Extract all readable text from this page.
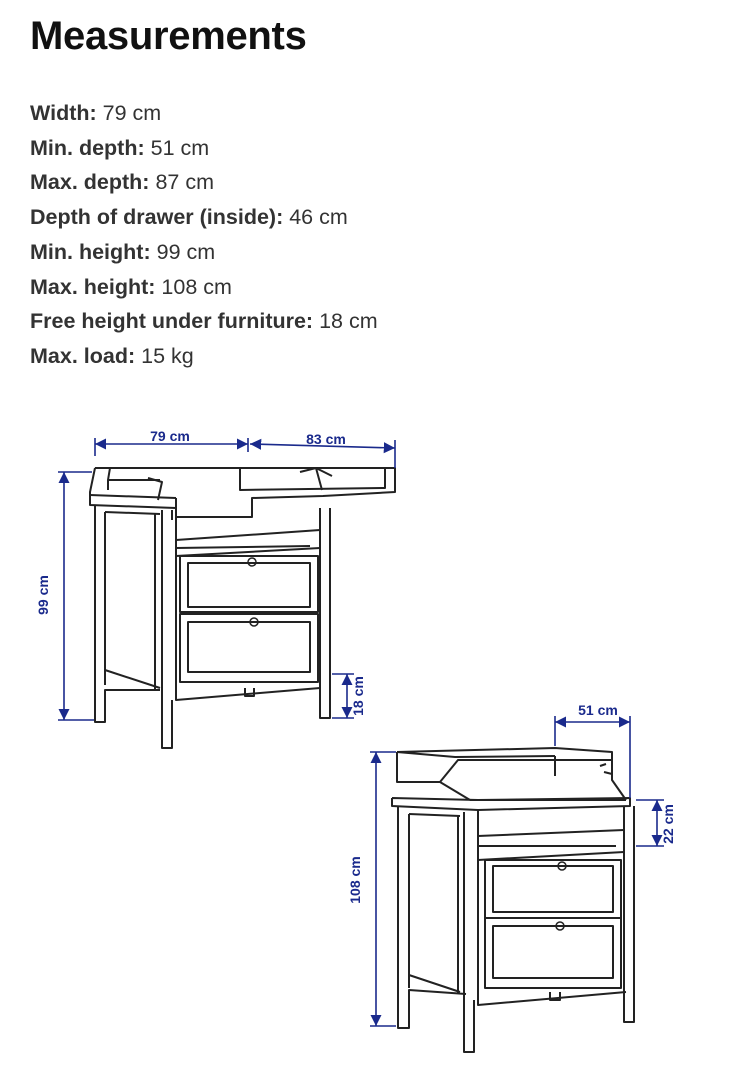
Measurements
Width: 79 cm
Min. depth: 51 cm
Max. depth: 87 cm
Depth of drawer (inside): 46 cm
Min. height: 99 cm
Max. height: 108 cm
Free height under furniture: 18 cm
Max. load: 15 kg
79 cm	83 cm
99 cm
18 cm	51 cm
108 cm
22 cm
